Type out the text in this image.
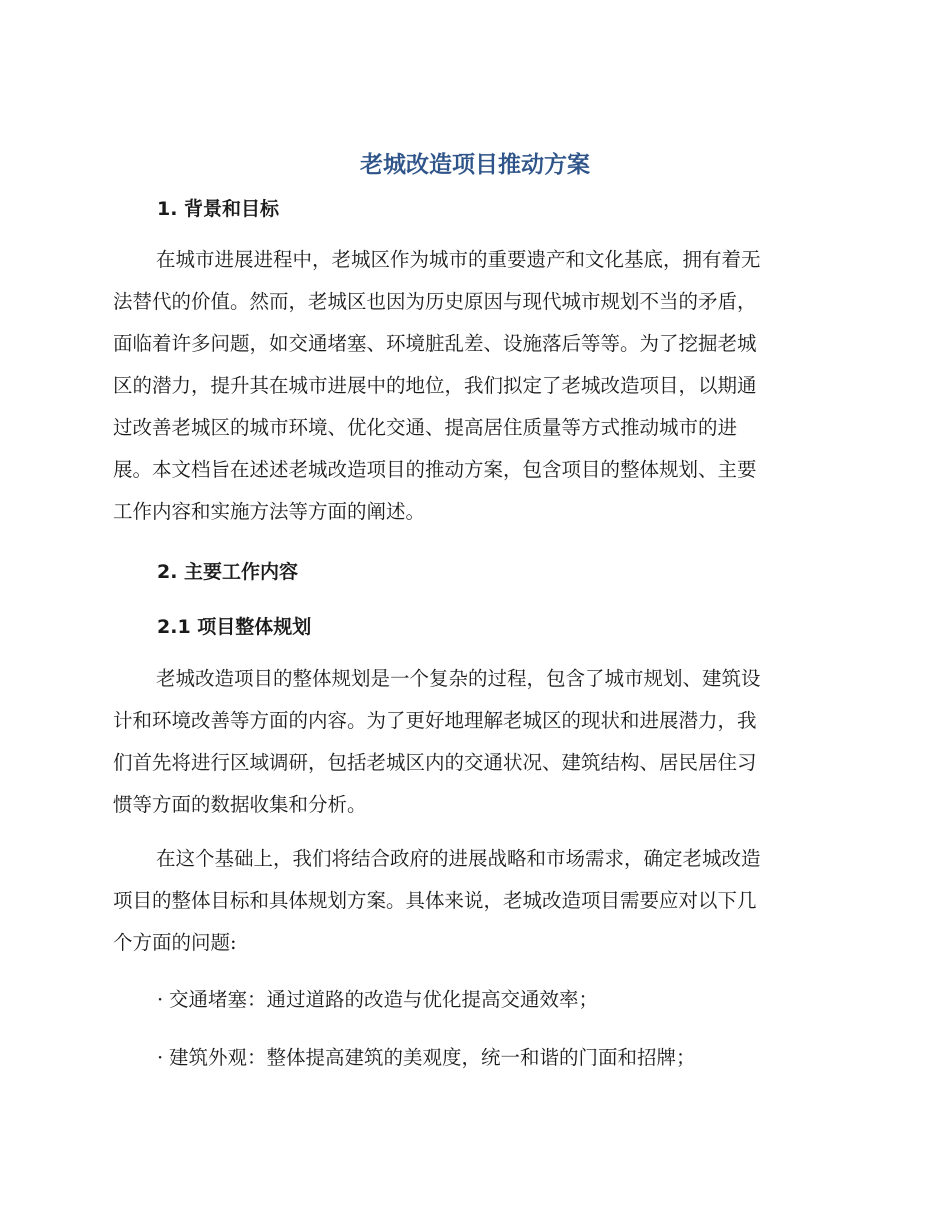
老城改造项目推动方案
1. 背景和目标

在城市进展进程中，老城区作为城市的重要遗产和文化基底，拥有着无
法替代的价值。然而，老城区也因为历史原因与现代城市规划不当的矛盾，
面临着许多问题，如交通堵塞、环境脏乱差、设施落后等等。为了挖掘老城
区的潜力，提升其在城市进展中的地位，我们拟定了老城改造项目，以期通
过改善老城区的城市环境、优化交通、提高居住质量等方式推动城市的进
展。本文档旨在述述老城改造项目的推动方案，包含项目的整体规划、主要
工作内容和实施方法等方面的阐述。

2. 主要工作内容
2.1 项目整体规划

老城改造项目的整体规划是一个复杂的过程，包含了城市规划、建筑设
计和环境改善等方面的内容。为了更好地理解老城区的现状和进展潜力，我
们首先将进行区域调研，包括老城区内的交通状况、建筑结构、居民居住习
惯等方面的数据收集和分析。

在这个基础上，我们将结合政府的进展战略和市场需求，确定老城改造
项目的整体目标和具体规划方案。具体来说，老城改造项目需要应对以下几
个方面的问题:

· 交通堵塞：通过道路的改造与优化提高交通效率；
· 建筑外观：整体提高建筑的美观度，统一和谐的门面和招牌；
